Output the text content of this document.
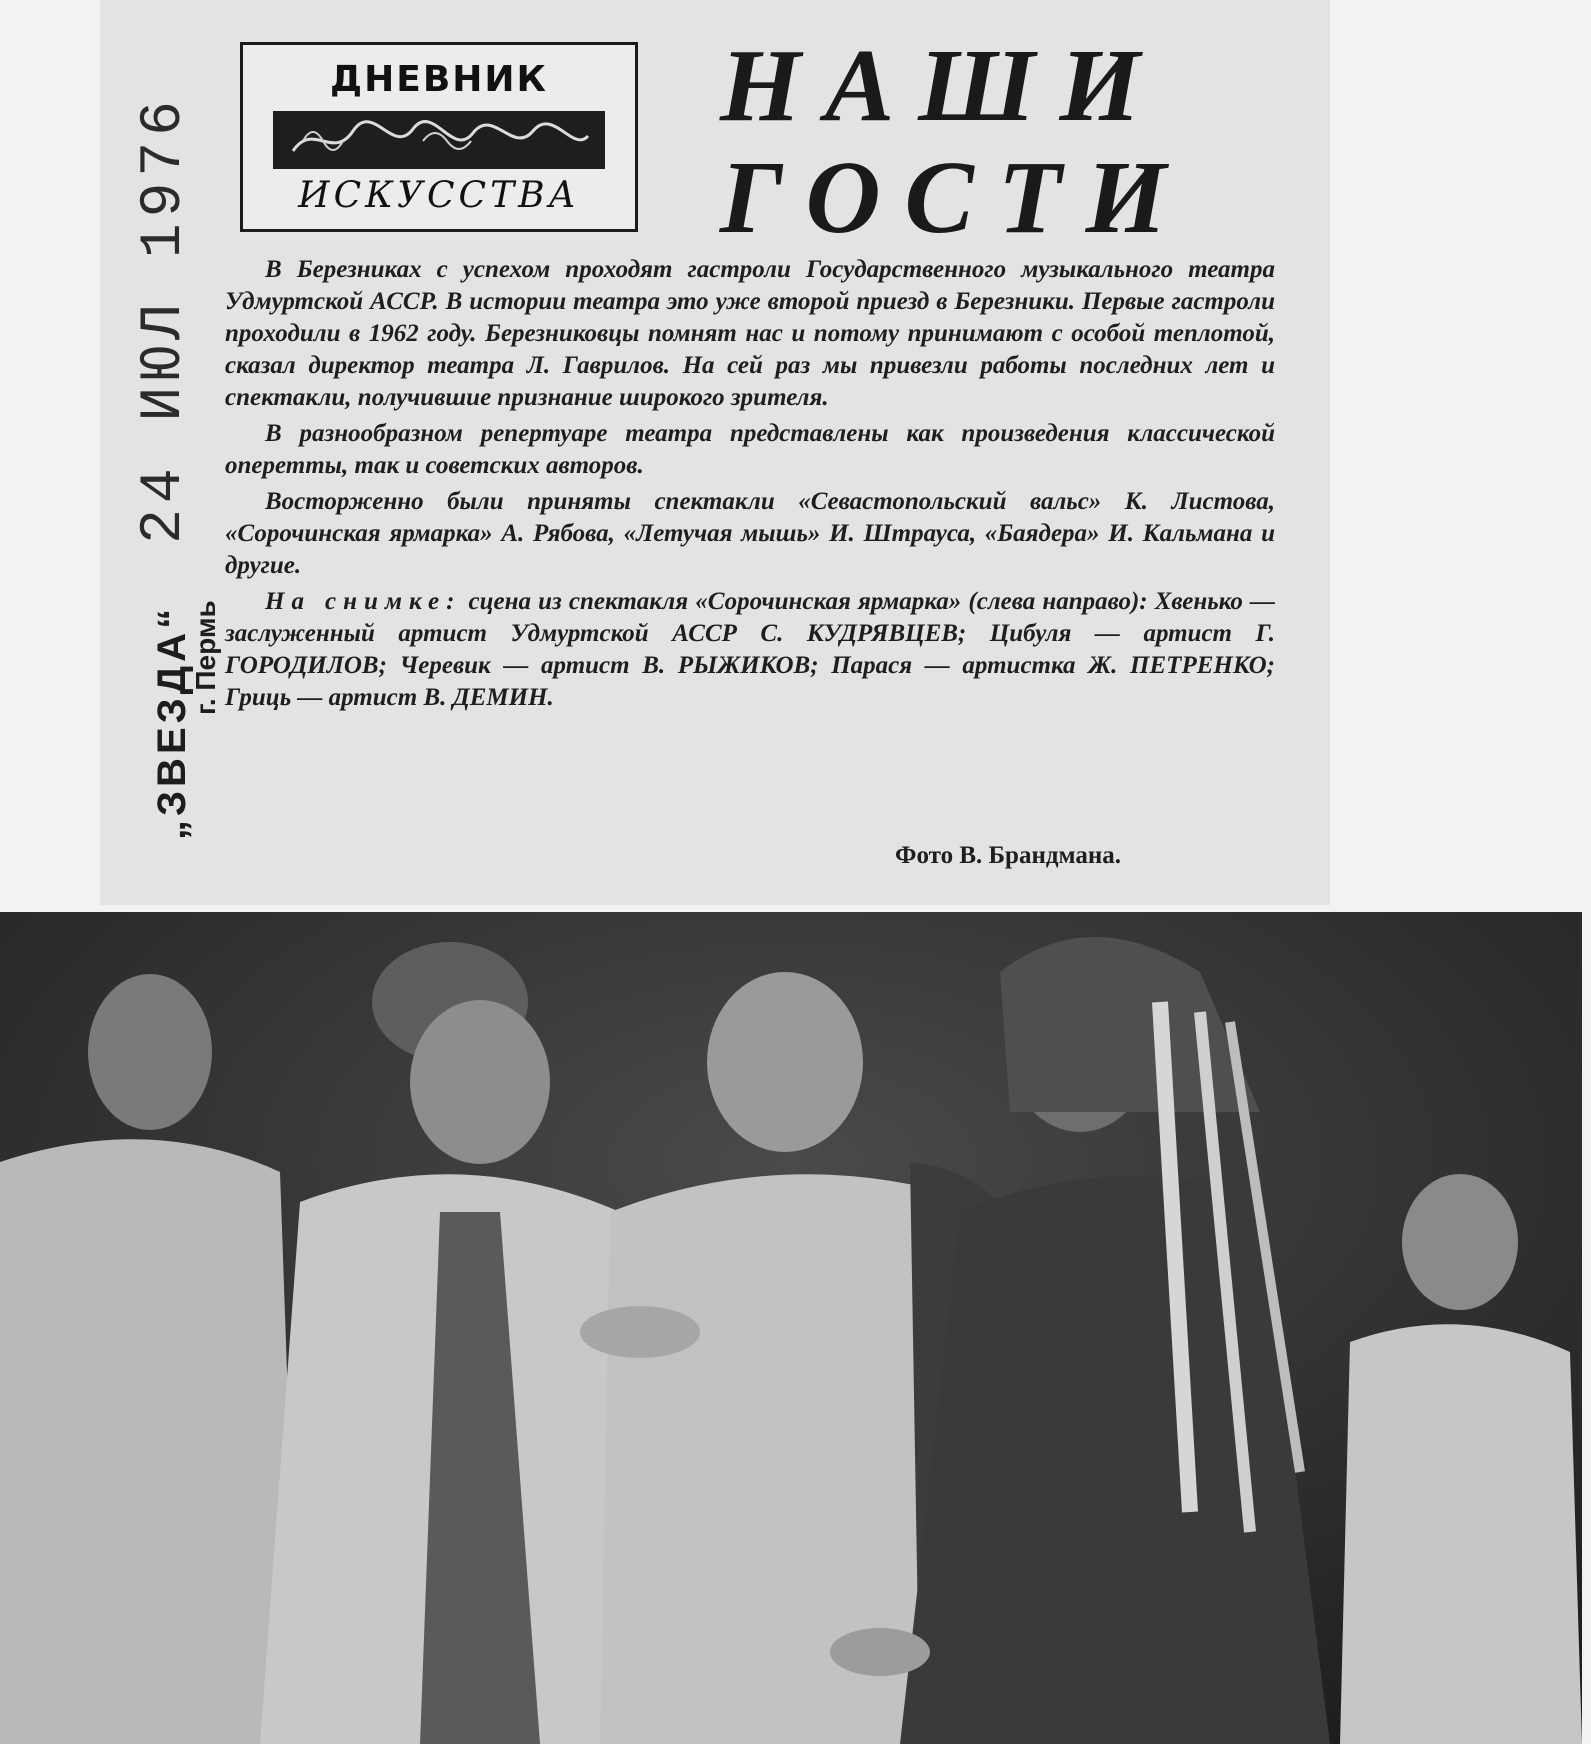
24 ИЮЛ 1976
„ЗВЕЗДА“
г. Пермь
ДНЕВНИК
ИСКУССТВА
НАШИ
ГОСТИ

В Березниках с успехом проходят гастроли Государственного музыкального театра Удмуртской АССР. В истории театра это уже второй приезд в Березники. Первые гастроли проходили в 1962 году. Березниковцы помнят нас и потому принимают с особой теплотой, сказал директор театра Л. Гаврилов. На сей раз мы привезли работы последних лет и спектакли, получившие признание широкого зрителя.

В разнообразном репертуаре театра представлены как произведения классической оперетты, так и советских авторов.

Восторженно были приняты спектакли «Севастопольский вальс» К. Листова, «Сорочинская ярмарка» А. Рябова, «Летучая мышь» И. Штрауса, «Баядера» И. Кальмана и другие.

На снимке: сцена из спектакля «Сорочинская ярмарка» (слева направо): Хвенько — заслуженный артист Удмуртской АССР С. КУДРЯВЦЕВ; Цибуля — артист Г. ГОРОДИЛОВ; Черевик — артист В. РЫЖИКОВ; Парася — артистка Ж. ПЕТРЕНКО; Гриць — артист В. ДЕМИН.

Фото В. Брандмана.
